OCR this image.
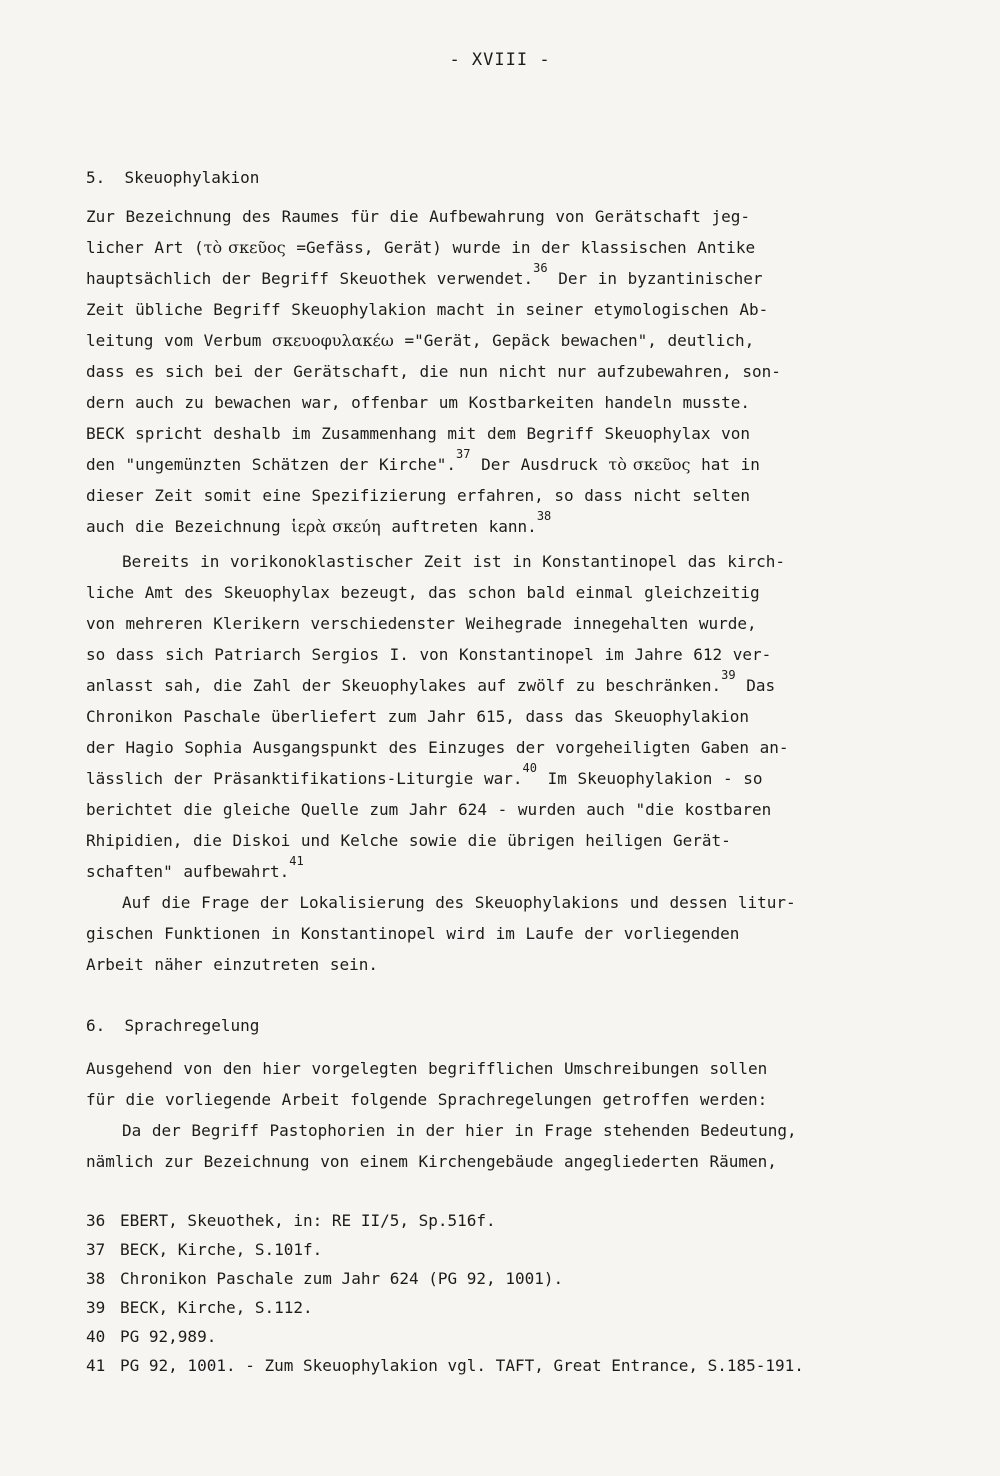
- XVIII -
5.  Skeuophylakion
Zur Bezeichnung des Raumes für die Aufbewahrung von Gerätschaft jeg-
licher Art (τὸ σκεῦος =Gefäss, Gerät) wurde in der klassischen Antike
hauptsächlich der Begriff Skeuothek verwendet.$^{36}$ Der in byzantinischer
Zeit übliche Begriff Skeuophylakion macht in seiner etymologischen Ab-
leitung vom Verbum σκευοφυλακέω ="Gerät, Gepäck bewachen", deutlich,
dass es sich bei der Gerätschaft, die nun nicht nur aufzubewahren, son-
dern auch zu bewachen war, offenbar um Kostbarkeiten handeln musste.
BECK spricht deshalb im Zusammenhang mit dem Begriff Skeuophylax von
den "ungemünzten Schätzen der Kirche".$^{37}$ Der Ausdruck τὸ σκεῦος hat in
dieser Zeit somit eine Spezifizierung erfahren, so dass nicht selten
auch die Bezeichnung ἱερὰ σκεύη auftreten kann.$^{38}$
Bereits in vorikonoklastischer Zeit ist in Konstantinopel das kirch-
liche Amt des Skeuophylax bezeugt, das schon bald einmal gleichzeitig
von mehreren Klerikern verschiedenster Weihegrade innegehalten wurde,
so dass sich Patriarch Sergios I. von Konstantinopel im Jahre 612 ver-
anlasst sah, die Zahl der Skeuophylakes auf zwölf zu beschränken.$^{39}$ Das
Chronikon Paschale überliefert zum Jahr 615, dass das Skeuophylakion
der Hagio Sophia Ausgangspunkt des Einzuges der vorgeheiligten Gaben an-
lässlich der Präsanktifikations-Liturgie war.$^{40}$ Im Skeuophylakion - so
berichtet die gleiche Quelle zum Jahr 624 - wurden auch "die kostbaren
Rhipidien, die Diskoi und Kelche sowie die übrigen heiligen Gerät-
schaften" aufbewahrt.$^{41}$
Auf die Frage der Lokalisierung des Skeuophylakions und dessen litur-
gischen Funktionen in Konstantinopel wird im Laufe der vorliegenden
Arbeit näher einzutreten sein.
6.  Sprachregelung
Ausgehend von den hier vorgelegten begrifflichen Umschreibungen sollen
für die vorliegende Arbeit folgende Sprachregelungen getroffen werden:
Da der Begriff Pastophorien in der hier in Frage stehenden Bedeutung,
nämlich zur Bezeichnung von einem Kirchengebäude angegliederten Räumen,
36 EBERT, Skeuothek, in: RE II/5, Sp.516f.
37 BECK, Kirche, S.101f.
38 Chronikon Paschale zum Jahr 624 (PG 92, 1001).
39 BECK, Kirche, S.112.
40 PG 92,989.
41 PG 92, 1001. - Zum Skeuophylakion vgl. TAFT, Great Entrance, S.185-191.
